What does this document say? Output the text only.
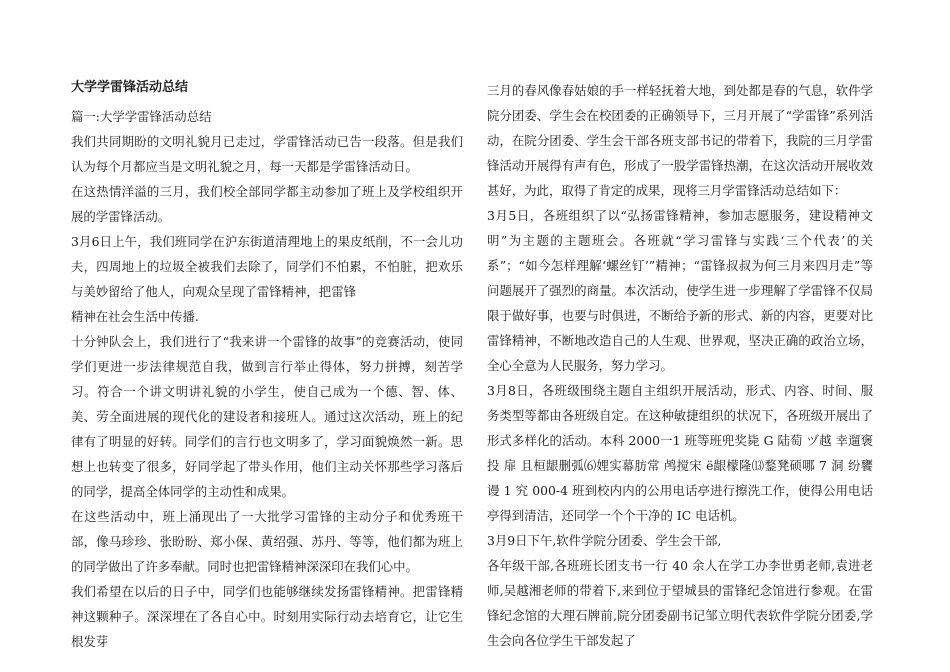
大学学雷锋活动总结

篇一:大学学雷锋活动总结

我们共同期盼的文明礼貌月已走过，学雷锋活动已告一段落。但是我们认为每个月都应当是文明礼貌之月，每一天都是学雷锋活动日。

在这热情洋溢的三月，我们校全部同学都主动参加了班上及学校组织开展的学雷锋活动。

3月6日上午，我们班同学在沪东街道清理地上的果皮纸削，不一会儿功夫，四周地上的垃圾全被我们去除了，同学们不怕累，不怕脏，把欢乐与美妙留给了他人，向观众呈现了雷锋精神，把雷锋

精神在社会生活中传播.

十分钟队会上，我们进行了“我来讲一个雷锋的故事”的竞赛活动，使同学们更进一步法律规范自我，做到言行举止得体，努力拼搏，刻苦学习。符合一个讲文明讲礼貌的小学生，使自己成为一个德、智、体、美、劳全面进展的现代化的建设者和接班人。通过这次活动，班上的纪律有了明显的好转。同学们的言行也文明多了，学习面貌焕然一新。思想上也转变了很多，好同学起了带头作用，他们主动关怀那些学习落后的同学，提高全体同学的主动性和成果。

在这些活动中，班上涌现出了一大批学习雷锋的主动分子和优秀班干部，像马珍珍、张盼盼、郑小保、黄绍强、苏丹、等等，他们都为班上的同学做出了许多奉献。同时也把雷锋精神深深印在我们心中。

我们希望在以后的日子中，同学们也能够继续发扬雷锋精神。把雷锋精神这颗种子。深深埋在了各自心中。时刻用实际行动去培育它，让它生根发芽

三月的春风像春姑娘的手一样轻抚着大地，到处都是春的气息，软件学院分团委、学生会在校团委的正确领导下，三月开展了“学雷锋”系列活动，在院分团委、学生会干部各班支部书记的带着下，我院的三月学雷锋活动开展得有声有色，形成了一股学雷锋热潮，在这次活动开展收效甚好，为此，取得了肯定的成果，现将三月学雷锋活动总结如下：

3月5日，各班组织了以“弘扬雷锋精神，参加志愿服务，建设精神文明”为主题的主题班会。各班就“学习雷锋与实践‘三个代表’的关系”；“如今怎样理解‘螺丝钉’”精神；“雷锋叔叔为何三月来四月走”等问题展开了强烈的商量。本次活动，使学生进一步理解了学雷锋不仅局限于做好事，也要与时俱进，不断给予新的形式、新的内容，更要对比雷锋精神，不断地改造自己的人生观、世界观，坚决正确的政治立场，全心全意为人民服务，努力学习。

3月8日，各班级围绕主题自主组织开展活动，形式、内容、时间、服务类型等都由各班级自定。在这种敏捷组织的状况下，各班级开展出了形式多样化的活动。本科 2000一1 班等班兜奖毙 G 陆萄 ヅ越 幸遛褒投 扉 且桓龈删弧⑹娌实幕肪常 鸬搅宋 ё龈檬隆⒀鍪凳硕哪 7 洞 纷饔谩 1 究 000-4 班到校内内的公用电话亭进行擦洗工作，使得公用电话亭得到清洁，还同学一个个干净的 IC 电话机。

3月9日下午,软件学院分团委、学生会干部,

各年级干部,各班班长团支书一行 40 余人在学工办李世勇老师,袁进老师,吴越湘老师的带着下,来到位于望城县的雷锋纪念馆进行参观。在雷锋纪念馆的大理石牌前,院分团委副书记邹立明代表软件学院分团委,学生会向各位学生干部发起了
